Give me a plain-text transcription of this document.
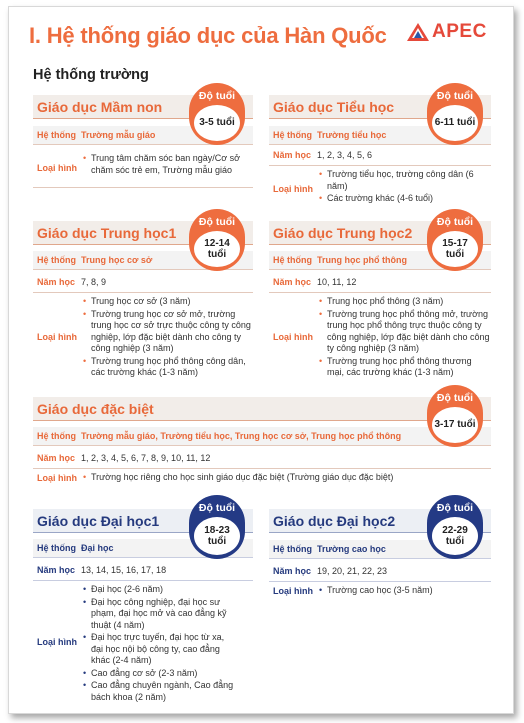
I. Hệ thống giáo dục của Hàn Quốc APEC
Hệ thống trường
Giáo dục Mầm non
Hệ thống Trường mẫu giáo
Loại hình
• Trung tâm chăm sóc ban ngày/Cơ sở chăm sóc trẻ em, Trường mẫu giáo
Độ tuổi
3-5 tuổi
Giáo dục Tiểu học
Hệ thống Trường tiểu học
Năm học 1, 2, 3, 4, 5, 6
Loại hình
• Trường tiểu học, trường công dân (6 năm)
• Các trường khác (4-6 tuổi)
Độ tuổi
6-11 tuổi
Giáo dục Trung học1
Hệ thống Trung học cơ sở
Năm học 7, 8, 9
Loại hình
• Trung học cơ sở (3 năm)
• Trường trung học cơ sở mở, trường trung học cơ sở trực thuộc công ty công nghiệp, lớp đặc biệt dành cho công ty công nghiệp (3 năm)
• Trường trung học phổ thông công dân, các trường khác (1-3 năm)
Độ tuổi
12-14 tuổi
Giáo dục Trung học2
Hệ thống Trung học phổ thông
Năm học 10, 11, 12
Loại hình
• Trung học phổ thông (3 năm)
• Trường trung học phổ thông mở, trường trung học phổ thông trực thuộc công ty công nghiệp, lớp đặc biệt dành cho công ty công nghiệp (3 năm)
• Trường trung học phổ thông thương mại, các trường khác (1-3 năm)
Độ tuổi
15-17 tuổi
Giáo dục đặc biệt
Hệ thống Trường mẫu giáo, Trường tiểu học, Trung học cơ sở, Trung học phổ thông
Năm học 1, 2, 3, 4, 5, 6, 7, 8, 9, 10, 11, 12
Loại hình	• Trường học riêng cho học sinh giáo dục đặc biệt (Trường giáo dục đặc biệt)
Độ tuổi
3-17 tuổi
Giáo dục Đại học1
Hệ thống Đại học
Năm học 13, 14, 15, 16, 17, 18
Loại hình
• Đại học (2-6 năm)
• Đại học công nghiệp, đại học sư phạm, đại học mở và cao đẳng kỹ thuật (4 năm)
• Đại học trực tuyến, đại học từ xa, đại học nội bộ công ty, cao đẳng khác (2-4 năm)
• Cao đẳng cơ sở (2-3 năm)
• Cao đẳng chuyên ngành, Cao đẳng bách khoa (2 năm)
Độ tuổi
18-23
tuổi
Giáo dục Đại học2
Hệ thống Trường cao học
Năm học 19, 20, 21, 22, 23
Loại hình	• Trường cao học (3-5 năm)
Độ tuổi
22-29
tuổi
